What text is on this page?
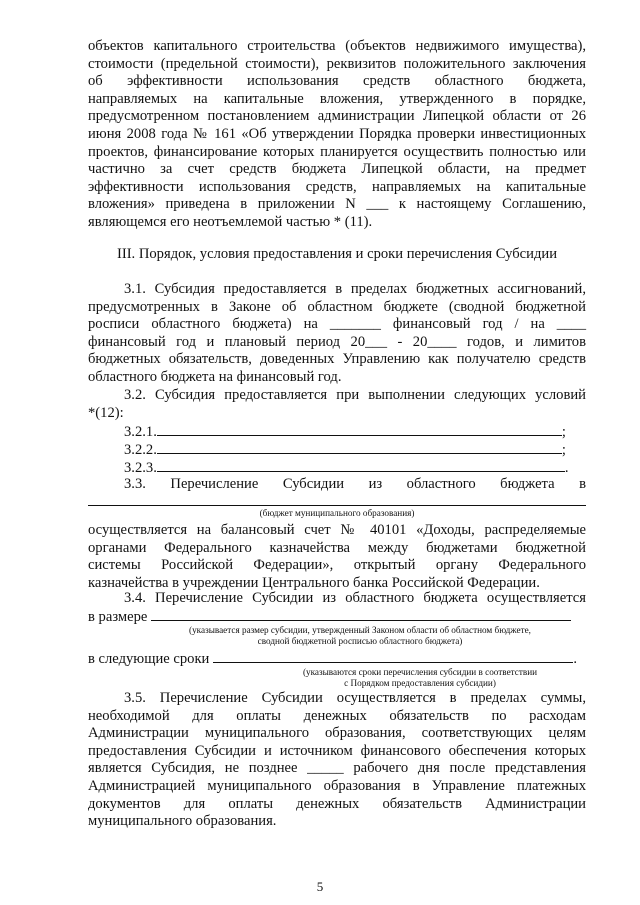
объектов капитального строительства (объектов недвижимого имущества),
стоимости (предельной стоимости), реквизитов положительного заключения
об эффективности использования средств областного бюджета,
направляемых на капитальные вложения, утвержденного в порядке,
предусмотренном постановлением администрации Липецкой области от 26
июня 2008 года № 161 «Об утверждении Порядка проверки инвестиционных
проектов, финансирование которых планируется осуществить полностью или
частично за счет средств бюджета Липецкой области, на предмет
эффективности использования средств, направляемых на капитальные
вложения» приведена в приложении N ___ к настоящему Соглашению,
являющемся его неотъемлемой частью * (11).
III. Порядок, условия предоставления и сроки перечисления Субсидии
3.1. Субсидия предоставляется в пределах бюджетных ассигнований,
предусмотренных в Законе об областном бюджете (сводной бюджетной
росписи областного бюджета) на _______ финансовый год / на ____
финансовый год и плановый период 20___ - 20____ годов, и лимитов
бюджетных обязательств, доведенных Управлению как получателю средств
областного бюджета на финансовый год.
3.2. Субсидия предоставляется при выполнении следующих условий
*(12):
3.2.1.	;
3.2.2.	;
3.2.3.	.
3.3. Перечисление Субсидии из областного бюджета в
(бюджет муниципального образования)
осуществляется на балансовый счет № 40101 «Доходы, распределяемые
органами Федерального казначейства между бюджетами бюджетной
системы Российской Федерации», открытый органу Федерального
казначейства в учреждении Центрального банка Российской Федерации.
3.4. Перечисление Субсидии из областного бюджета осуществляется
в размере
(указывается размер субсидии, утвержденный Законом области об областном бюджете,
сводной бюджетной росписью областного бюджета)
в следующие сроки	.
(указываются сроки перечисления субсидии в соответствии
с Порядком предоставления субсидии)
3.5. Перечисление Субсидии осуществляется в пределах суммы,
необходимой для оплаты денежных обязательств по расходам
Администрации муниципального образования, соответствующих целям
предоставления Субсидии и источником финансового обеспечения которых
является Субсидия, не позднее _____ рабочего дня после представления
Администрацией муниципального образования в Управление платежных
документов для оплаты денежных обязательств Администрации
муниципального образования.
5
